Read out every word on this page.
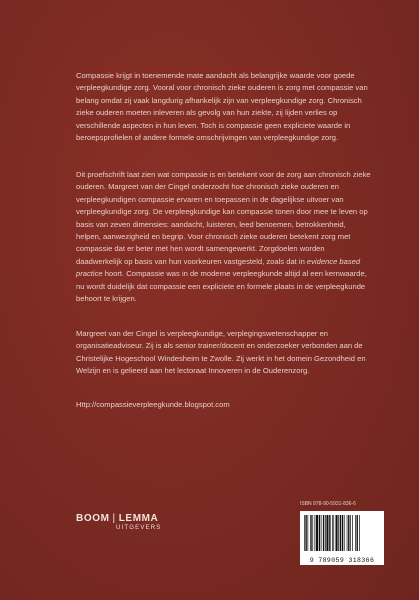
Compassie krijgt in toenemende mate aandacht als belangrijke waarde voor goede verpleegkundige zorg. Vooral voor chronisch zieke ouderen is zorg met compassie van belang omdat zij vaak langdurig afhankelijk zijn van verpleegkundige zorg. Chronisch zieke ouderen moeten inleveren als gevolg van hun ziekte, zij lijden verlies op verschillende aspecten in hun leven. Toch is compassie geen expliciete waarde in beroepsprofielen of andere formele omschrijvingen van verpleegkundige zorg.

Dit proefschrift laat zien wat compassie is en betekent voor de zorg aan chronisch zieke ouderen. Margreet van der Cingel onderzocht hoe chronisch zieke ouderen en verpleegkundigen compassie ervaren en toepassen in de dagelijkse uitvoer van verpleegkundige zorg. De verpleegkundige kan compassie tonen door mee te leven op basis van zeven dimensies: aandacht, luisteren, leed benoemen, betrokkenheid, helpen, aanwezigheid en begrip. Voor chronisch zieke ouderen betekent zorg met compassie dat er beter met hen wordt samengewerkt. Zorgdoelen worden daadwerkelijk op basis van hun voorkeuren vastgesteld, zoals dat in evidence based practice hoort. Compassie was in de moderne verpleegkunde altijd al een kernwaarde, nu wordt duidelijk dat compassie een expliciete en formele plaats in de verpleegkunde behoort te krijgen.

Margreet van der Cingel is verpleegkundige, verplegingswetenschapper en organisatieadviseur. Zij is als senior trainer/docent en onderzoeker verbonden aan de Christelijke Hogeschool Windesheim te Zwolle. Zij werkt in het domein Gezondheid en Welzijn en is gelieerd aan het lectoraat Innoveren in de Ouderenzorg.

Http://compassieverpleegkunde.blogspot.com

BOOM | LEMMA
UITGEVERS
ISBN 978-90-5931-836-6
9 789059 318366
